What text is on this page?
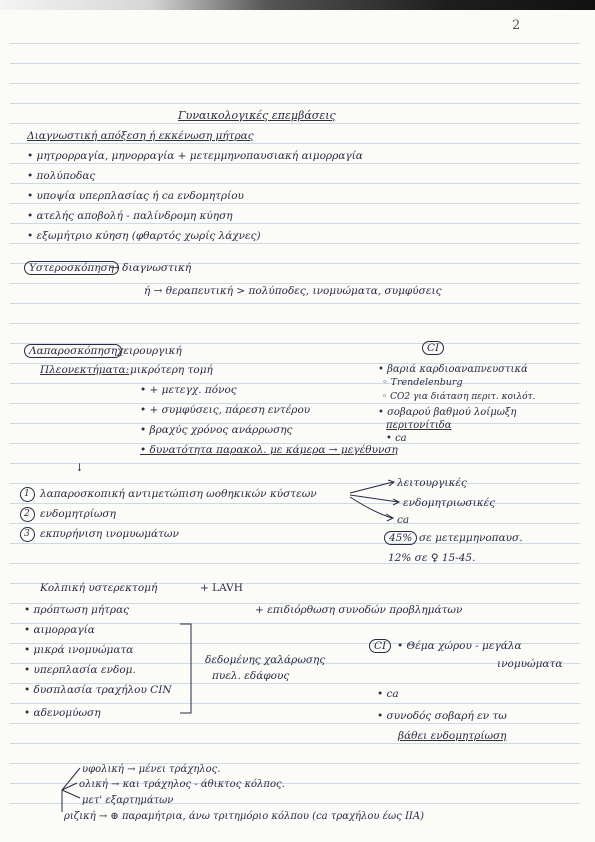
2
Γυναικολογικές επεμβάσεις
Διαγνωστική απόξεση ή εκκένωση μήτρας
• μητρορραγία, μηνορραγία + μετεμμηνοπαυσιακή αιμορραγία
• πολύποδας
• υποψία υπερπλασίας ή ca ενδομητρίου
• ατελής αποβολή - παλίνδρομη κύηση
• εξωμήτριο κύηση (φθαρτός χωρίς λάχνες)
Υστεροσκόπηση
→ διαγνωστική
ή → θεραπευτική > πολύποδες, ινομυώματα, συμφύσεις
Λαπαροσκόπηση χειρουργική
Πλεονεκτήματα: μικρότερη τομή
• + μετεγχ. πόνος
• + συμφύσεις, πάρεση εντέρου
• βραχύς χρόνος ανάρρωσης
• δυνατότητα παρακολ. με κάμερα → μεγέθυνση
CI
• βαριά καρδιοαναπνευστικά
◦ Trendelenburg
◦ CO2 για διάταση περιτ. κοιλότ.
• σοβαρού βαθμού λοίμωξη
περιτονίτιδα
• ca
↓
1 λαπαροσκοπική αντιμετώπιση ωοθηκικών κύστεων
2 ενδομητρίωση
3 εκπυρήνιση ινομυωμάτων
λειτουργικές
ενδομητριωσικές
ca
45% σε μετεμμηνοπαυσ.
12% σε ♀ 15-45.
Κολπική υστερεκτομή	+ LAVH
• πρόπτωση μήτρας	+ επιδιόρθωση συνοδών προβλημάτων
• αιμορραγία
• μικρά ινομυώματα
• υπερπλασία ενδομ.
• δυσπλασία τραχήλου CIN
• αδενομύωση
δεδομένης χαλάρωσης
πυελ. εδάφους
CI	• Θέμα χώρου - μεγάλα
ινομυώματα
• ca
• συνοδός σοβαρή εν τω
βάθει ενδομητρίωση
υφολική → μένει τράχηλος.
ολική → και τράχηλος - άθικτος κόλπος.
μετ' εξαρτημάτων
ριζική → ⊕ παραμήτρια, άνω τριτημόριο κόλπου (ca τραχήλου έως IIA)
